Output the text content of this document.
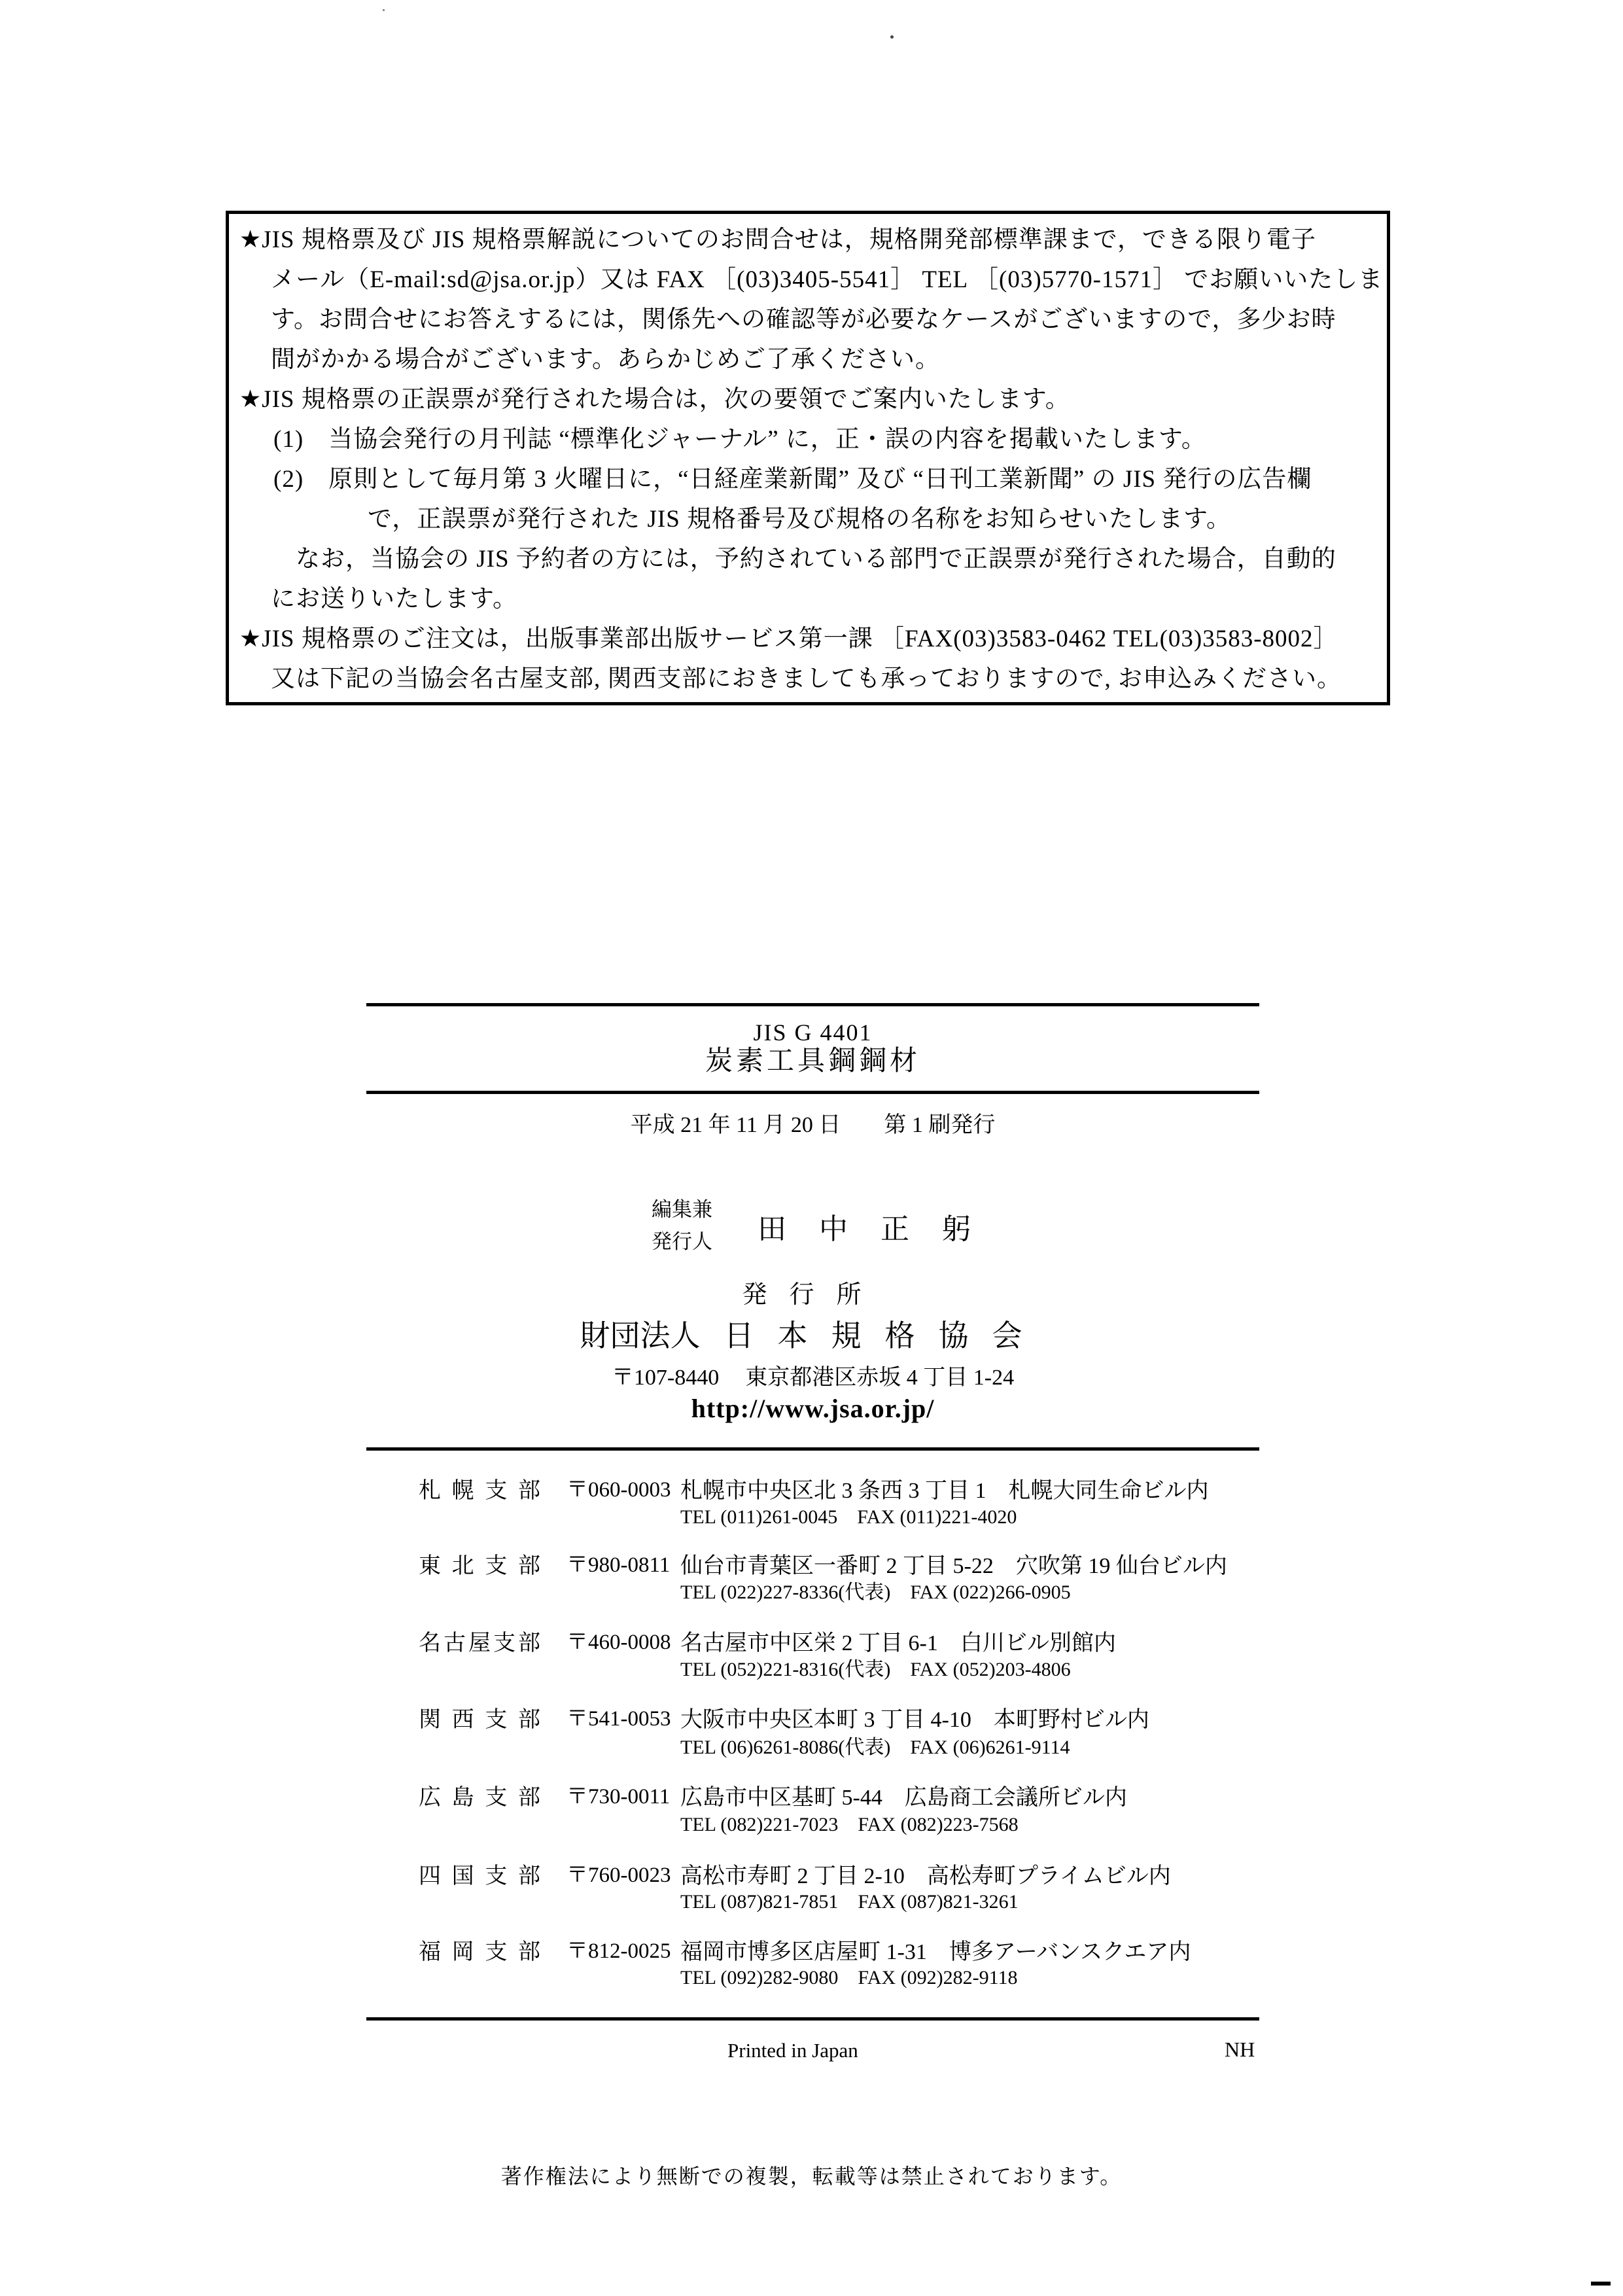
★JIS 規格票及び JIS 規格票解説についてのお問合せは，規格開発部標準課まで，できる限り電子
メール（E-mail:sd@jsa.or.jp）又は FAX ［(03)3405-5541］ TEL ［(03)5770-1571］ でお願いいたしま
す。お問合せにお答えするには，関係先への確認等が必要なケースがございますので，多少お時
間がかかる場合がございます。あらかじめご了承ください。
★JIS 規格票の正誤票が発行された場合は，次の要領でご案内いたします。
(1)　当協会発行の月刊誌 “標準化ジャーナル” に，正・誤の内容を掲載いたします。
(2)　原則として毎月第 3 火曜日に，“日経産業新聞” 及び “日刊工業新聞” の JIS 発行の広告欄
で，正誤票が発行された JIS 規格番号及び規格の名称をお知らせいたします。
なお，当協会の JIS 予約者の方には，予約されている部門で正誤票が発行された場合，自動的
にお送りいたします。
★JIS 規格票のご注文は，出版事業部出版サービス第一課 ［FAX(03)3583-0462 TEL(03)3583-8002］
又は下記の当協会名古屋支部, 関西支部におきましても承っておりますので, お申込みください。
JIS G 4401
炭素工具鋼鋼材
平成 21 年 11 月 20 日 第 1 刷発行
編集兼
発行人 田中正躬
発行所
財団法人 日本規格協会
〒107-8440 東京都港区赤坂 4 丁目 1-24
http://www.jsa.or.jp/
札幌支部 〒060-0003 札幌市中央区北 3 条西 3 丁目 1　札幌大同生命ビル内
TEL (011)261-0045　FAX (011)221-4020
東北支部 〒980-0811 仙台市青葉区一番町 2 丁目 5-22　穴吹第 19 仙台ビル内
TEL (022)227-8336(代表)　FAX (022)266-0905
名古屋支部 〒460-0008 名古屋市中区栄 2 丁目 6-1　白川ビル別館内
TEL (052)221-8316(代表)　FAX (052)203-4806
関西支部 〒541-0053 大阪市中央区本町 3 丁目 4-10　本町野村ビル内
TEL (06)6261-8086(代表)　FAX (06)6261-9114
広島支部 〒730-0011 広島市中区基町 5-44　広島商工会議所ビル内
TEL (082)221-7023　FAX (082)223-7568
四国支部 〒760-0023 高松市寿町 2 丁目 2-10　高松寿町プライムビル内
TEL (087)821-7851　FAX (087)821-3261
福岡支部 〒812-0025 福岡市博多区店屋町 1-31　博多アーバンスクエア内
TEL (092)282-9080　FAX (092)282-9118
Printed in Japan	NH
著作権法により無断での複製，転載等は禁止されております。
